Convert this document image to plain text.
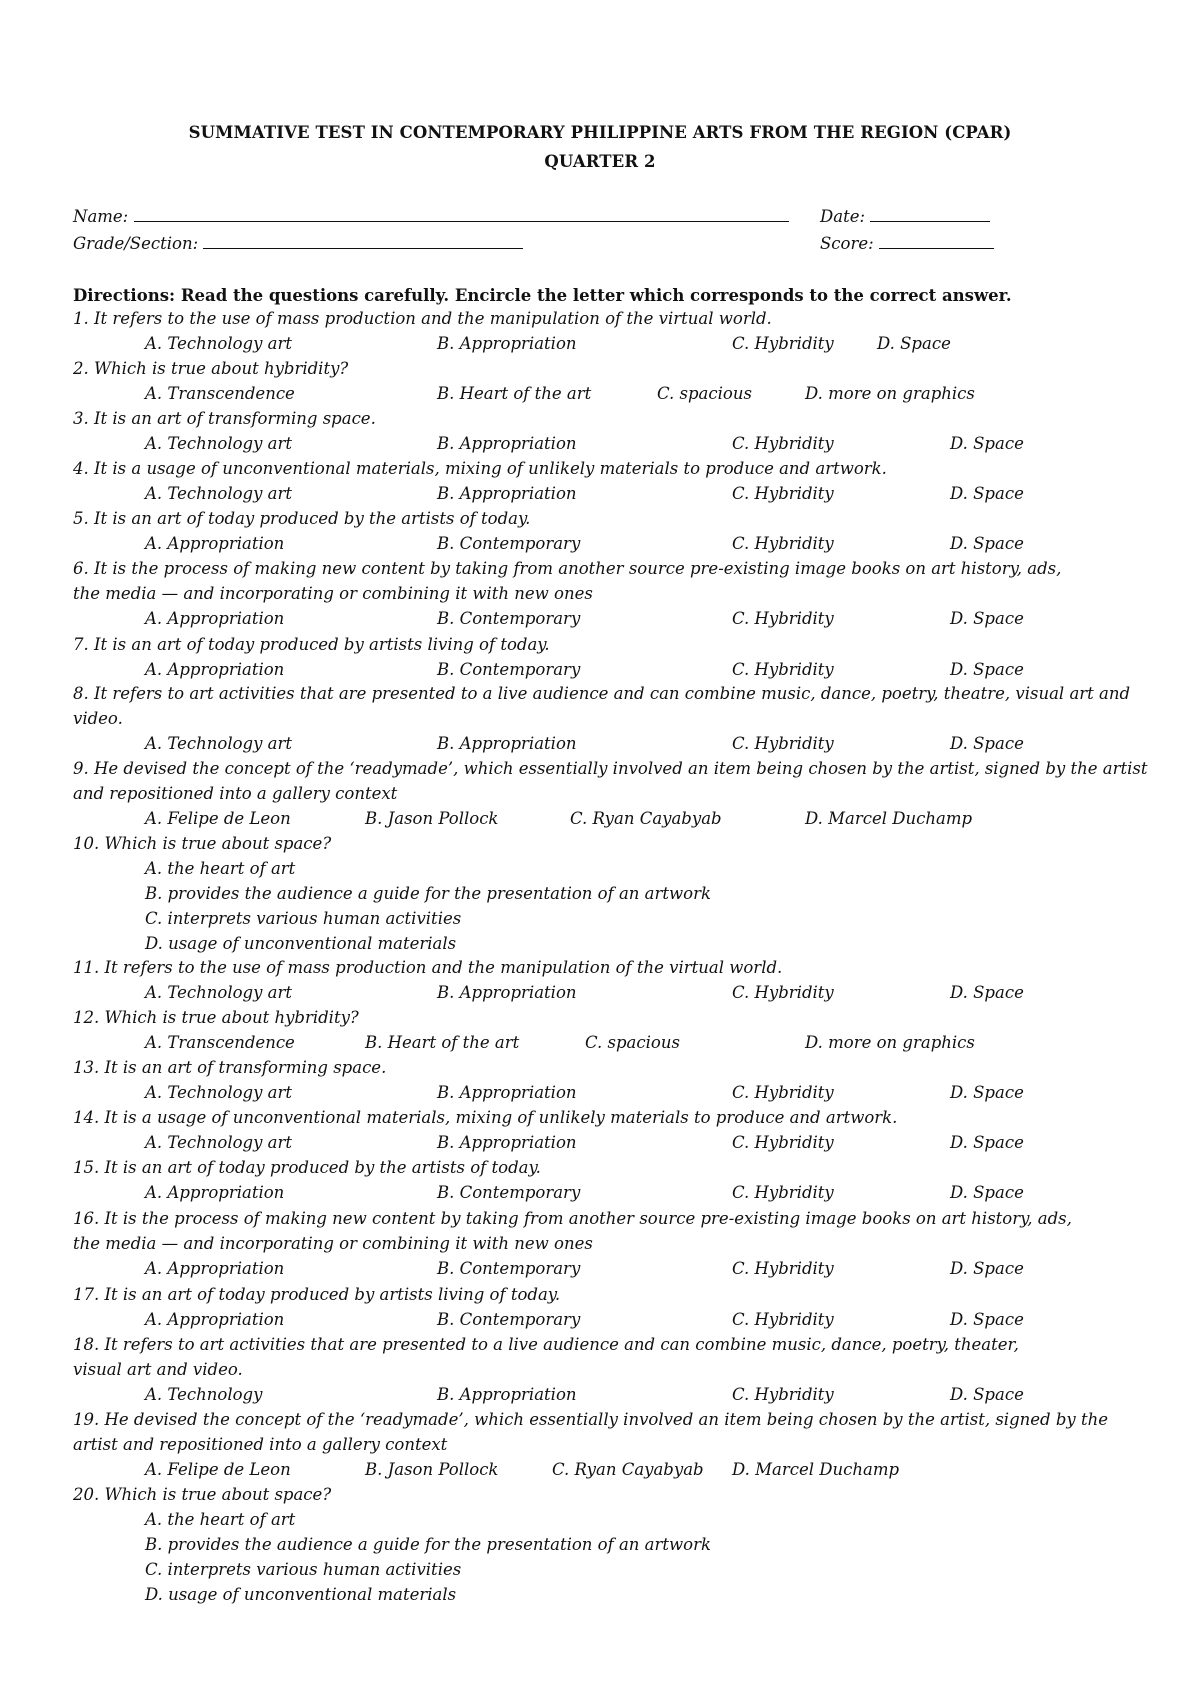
SUMMATIVE TEST IN CONTEMPORARY PHILIPPINE ARTS FROM THE REGION (CPAR)
QUARTER 2
Name:	Date:
Grade/Section:	Score:
Directions: Read the questions carefully. Encircle the letter which corresponds to the correct answer.
1. It refers to the use of mass production and the manipulation of the virtual world.
A. Technology art	B. Appropriation	C. Hybridity	D. Space
2. Which is true about hybridity?
A. Transcendence	B. Heart of the art	C. spacious	D. more on graphics
3. It is an art of transforming space.
A. Technology art	B. Appropriation	C. Hybridity	D. Space
4. It is a usage of unconventional materials, mixing of unlikely materials to produce and artwork.
A. Technology art	B. Appropriation	C. Hybridity	D. Space
5. It is an art of today produced by the artists of today.
A. Appropriation	B. Contemporary	C. Hybridity	D. Space
6. It is the process of making new content by taking from another source pre-existing image books on art history, ads,
the media — and incorporating or combining it with new ones
A. Appropriation	B. Contemporary	C. Hybridity	D. Space
7. It is an art of today produced by artists living of today.
A. Appropriation	B. Contemporary	C. Hybridity	D. Space
8. It refers to art activities that are presented to a live audience and can combine music, dance, poetry, theatre, visual art and
video.
A. Technology art	B. Appropriation	C. Hybridity	D. Space
9. He devised the concept of the ‘readymade’, which essentially involved an item being chosen by the artist, signed by the artist
and repositioned into a gallery context
A. Felipe de Leon	B. Jason Pollock	C. Ryan Cayabyab	D. Marcel Duchamp
10. Which is true about space?
A. the heart of art
B. provides the audience a guide for the presentation of an artwork
C. interprets various human activities
D. usage of unconventional materials
11. It refers to the use of mass production and the manipulation of the virtual world.
A. Technology art	B. Appropriation	C. Hybridity	D. Space
12. Which is true about hybridity?
A. Transcendence	B. Heart of the art	C. spacious	D. more on graphics
13. It is an art of transforming space.
A. Technology art	B. Appropriation	C. Hybridity	D. Space
14. It is a usage of unconventional materials, mixing of unlikely materials to produce and artwork.
A. Technology art	B. Appropriation	C. Hybridity	D. Space
15. It is an art of today produced by the artists of today.
A. Appropriation	B. Contemporary	C. Hybridity	D. Space
16. It is the process of making new content by taking from another source pre-existing image books on art history, ads,
the media — and incorporating or combining it with new ones
A. Appropriation	B. Contemporary	C. Hybridity	D. Space
17. It is an art of today produced by artists living of today.
A. Appropriation	B. Contemporary	C. Hybridity	D. Space
18. It refers to art activities that are presented to a live audience and can combine music, dance, poetry, theater,
visual art and video.
A. Technology	B. Appropriation	C. Hybridity	D. Space
19. He devised the concept of the ‘readymade’, which essentially involved an item being chosen by the artist, signed by the
artist and repositioned into a gallery context
A. Felipe de Leon	B. Jason Pollock	C. Ryan Cayabyab D. Marcel Duchamp
20. Which is true about space?
A. the heart of art
B. provides the audience a guide for the presentation of an artwork
C. interprets various human activities
D. usage of unconventional materials
